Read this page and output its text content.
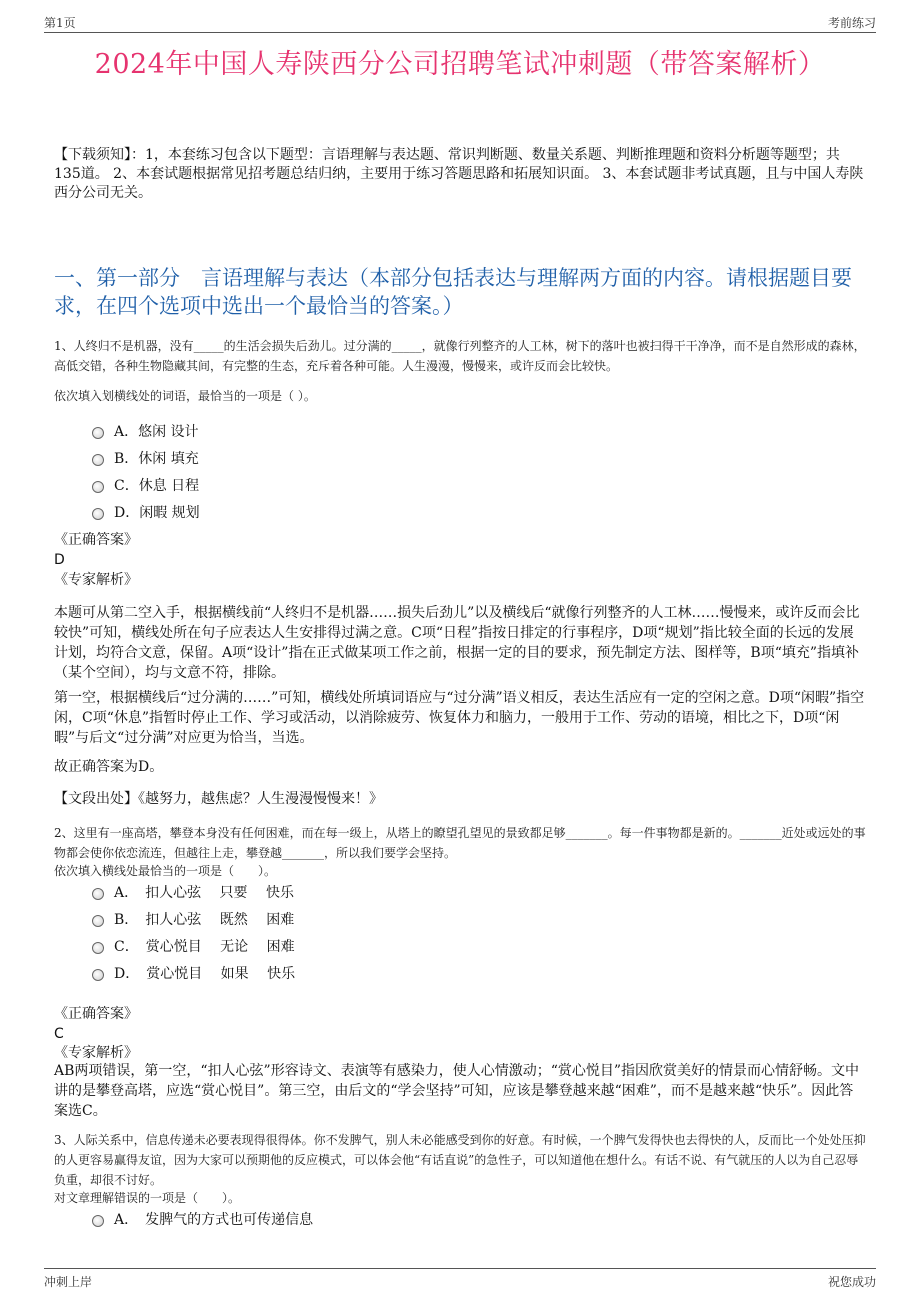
第1页	考前练习
2024年中国人寿陕西分公司招聘笔试冲刺题（带答案解析）
【下载须知】：1，本套练习包含以下题型：言语理解与表达题、常识判断题、数量关系题、判断推理题和资料分析题等题型；共135道。 2、本套试题根据常见招考题总结归纳，主要用于练习答题思路和拓展知识面。 3、本套试题非考试真题，且与中国人寿陕西分公司无关。
一、第一部分　言语理解与表达（本部分包括表达与理解两方面的内容。请根据题目要求，在四个选项中选出一个最恰当的答案。）
1、人终归不是机器，没有_____的生活会损失后劲儿。过分满的_____，就像行列整齐的人工林，树下的落叶也被扫得干干净净，而不是自然形成的森林，高低交错，各种生物隐藏其间，有完整的生态，充斥着各种可能。人生漫漫，慢慢来，或许反而会比较快。
依次填入划横线处的词语，最恰当的一项是（ ）。
A．悠闲 设计
B．休闲 填充
C．休息 日程
D．闲暇 规划
《正确答案》
D
《专家解析》
本题可从第二空入手，根据横线前“人终归不是机器……损失后劲儿”以及横线后“就像行列整齐的人工林……慢慢来，或许反而会比较快”可知，横线处所在句子应表达人生安排得过满之意。C项“日程”指按日排定的行事程序，D项“规划”指比较全面的长远的发展计划，均符合文意，保留。A项“设计”指在正式做某项工作之前，根据一定的目的要求，预先制定方法、图样等，B项“填充”指填补（某个空间），均与文意不符，排除。
第一空，根据横线后“过分满的……”可知，横线处所填词语应与“过分满”语义相反，表达生活应有一定的空闲之意。D项“闲暇”指空闲，C项“休息”指暂时停止工作、学习或活动，以消除疲劳、恢复体力和脑力，一般用于工作、劳动的语境，相比之下，D项“闲暇”与后文“过分满”对应更为恰当，当选。
故正确答案为D。
【文段出处】《越努力，越焦虑？人生漫漫慢慢来！》
2、这里有一座高塔，攀登本身没有任何困难，而在每一级上，从塔上的瞭望孔望见的景致都足够_______。每一件事物都是新的。_______近处或远处的事物都会使你依恋流连，但越往上走，攀登越_______，所以我们要学会坚持。
依次填入横线处最恰当的一项是（　　）。
A．　扣人心弦　 只要　 快乐
B．　扣人心弦　 既然　 困难
C．　赏心悦目　 无论　 困难
D．　赏心悦目　 如果　 快乐
《正确答案》
C
《专家解析》
AB两项错误，第一空，“扣人心弦”形容诗文、表演等有感染力，使人心情激动；“赏心悦目”指因欣赏美好的情景而心情舒畅。文中讲的是攀登高塔，应选“赏心悦目”。第三空，由后文的“学会坚持”可知，应该是攀登越来越“困难”，而不是越来越“快乐”。因此答案选C。
3、人际关系中，信息传递未必要表现得很得体。你不发脾气，别人未必能感受到你的好意。有时候，一个脾气发得快也去得快的人，反而比一个处处压抑的人更容易赢得友谊，因为大家可以预期他的反应模式，可以体会他“有话直说”的急性子，可以知道他在想什么。有话不说、有气就压的人以为自己忍辱负重，却很不讨好。
对文章理解错误的一项是（　　）。
A．　发脾气的方式也可传递信息
冲刺上岸	祝您成功
